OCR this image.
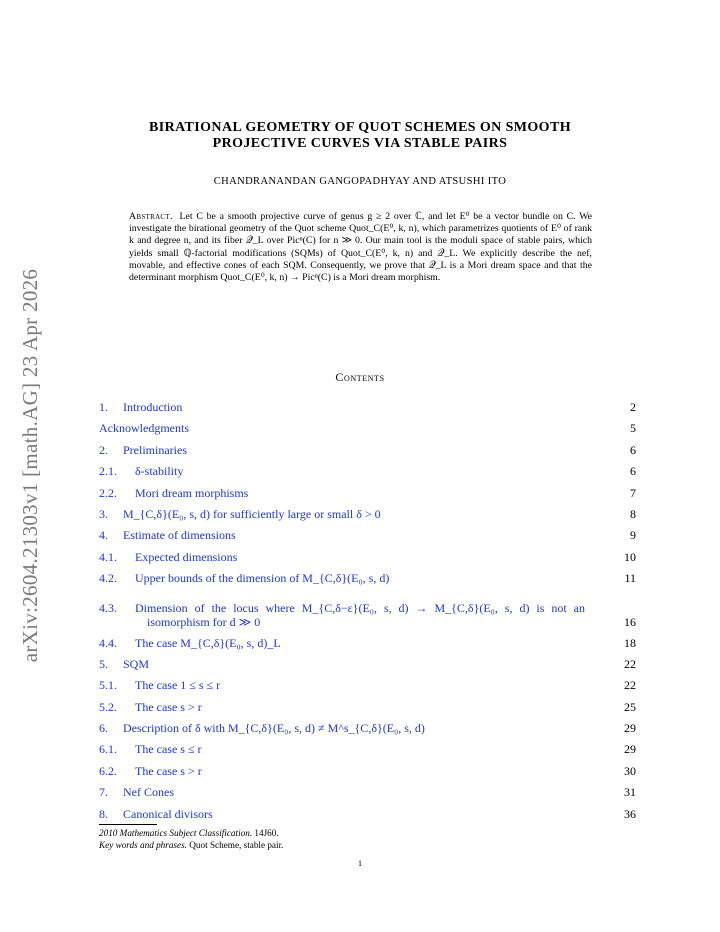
arXiv:2604.21303v1 [math.AG] 23 Apr 2026
BIRATIONAL GEOMETRY OF QUOT SCHEMES ON SMOOTH
PROJECTIVE CURVES VIA STABLE PAIRS
CHANDRANANDAN GANGOPADHYAY AND ATSUSHI ITO
Abstract. Let C be a smooth projective curve of genus g ≥ 2 over ℂ, and let E⁰ be a vector bundle on C. We investigate the birational geometry of the Quot scheme Quot_C(E⁰, k, n), which parametrizes quotients of E⁰ of rank k and degree n, and its fiber 𝒬_L over Picⁿ(C) for n ≫ 0. Our main tool is the moduli space of stable pairs, which yields small ℚ-factorial modifications (SQMs) of Quot_C(E⁰, k, n) and 𝒬_L. We explicitly describe the nef, movable, and effective cones of each SQM. Consequently, we prove that 𝒬_L is a Mori dream space and that the determinant morphism Quot_C(E⁰, k, n) → Picⁿ(C) is a Mori dream morphism.
Contents
1.	Introduction	2
Acknowledgments	5
2.	Preliminaries	6
2.1.	δ-stability	6
2.2.	Mori dream morphisms	7
3.	M_{C,δ}(E₀, s, d) for sufficiently large or small δ > 0	8
4.	Estimate of dimensions	9
4.1.	Expected dimensions	10
4.2.	Upper bounds of the dimension of M_{C,δ}(E₀, s, d)	11
4.3.	Dimension of the locus where M_{C,δ−ε}(E₀, s, d) → M_{C,δ}(E₀, s, d) is not an isomorphism for d ≫ 0	16
4.4.	The case M_{C,δ}(E₀, s, d)_L	18
5.	SQM	22
5.1.	The case 1 ≤ s ≤ r	22
5.2.	The case s > r	25
6.	Description of δ with M_{C,δ}(E₀, s, d) ≠ M^s_{C,δ}(E₀, s, d)	29
6.1.	The case s ≤ r	29
6.2.	The case s > r	30
7.	Nef Cones	31
8.	Canonical divisors	36
2010 Mathematics Subject Classification. 14J60.
Key words and phrases. Quot Scheme, stable pair.
1
